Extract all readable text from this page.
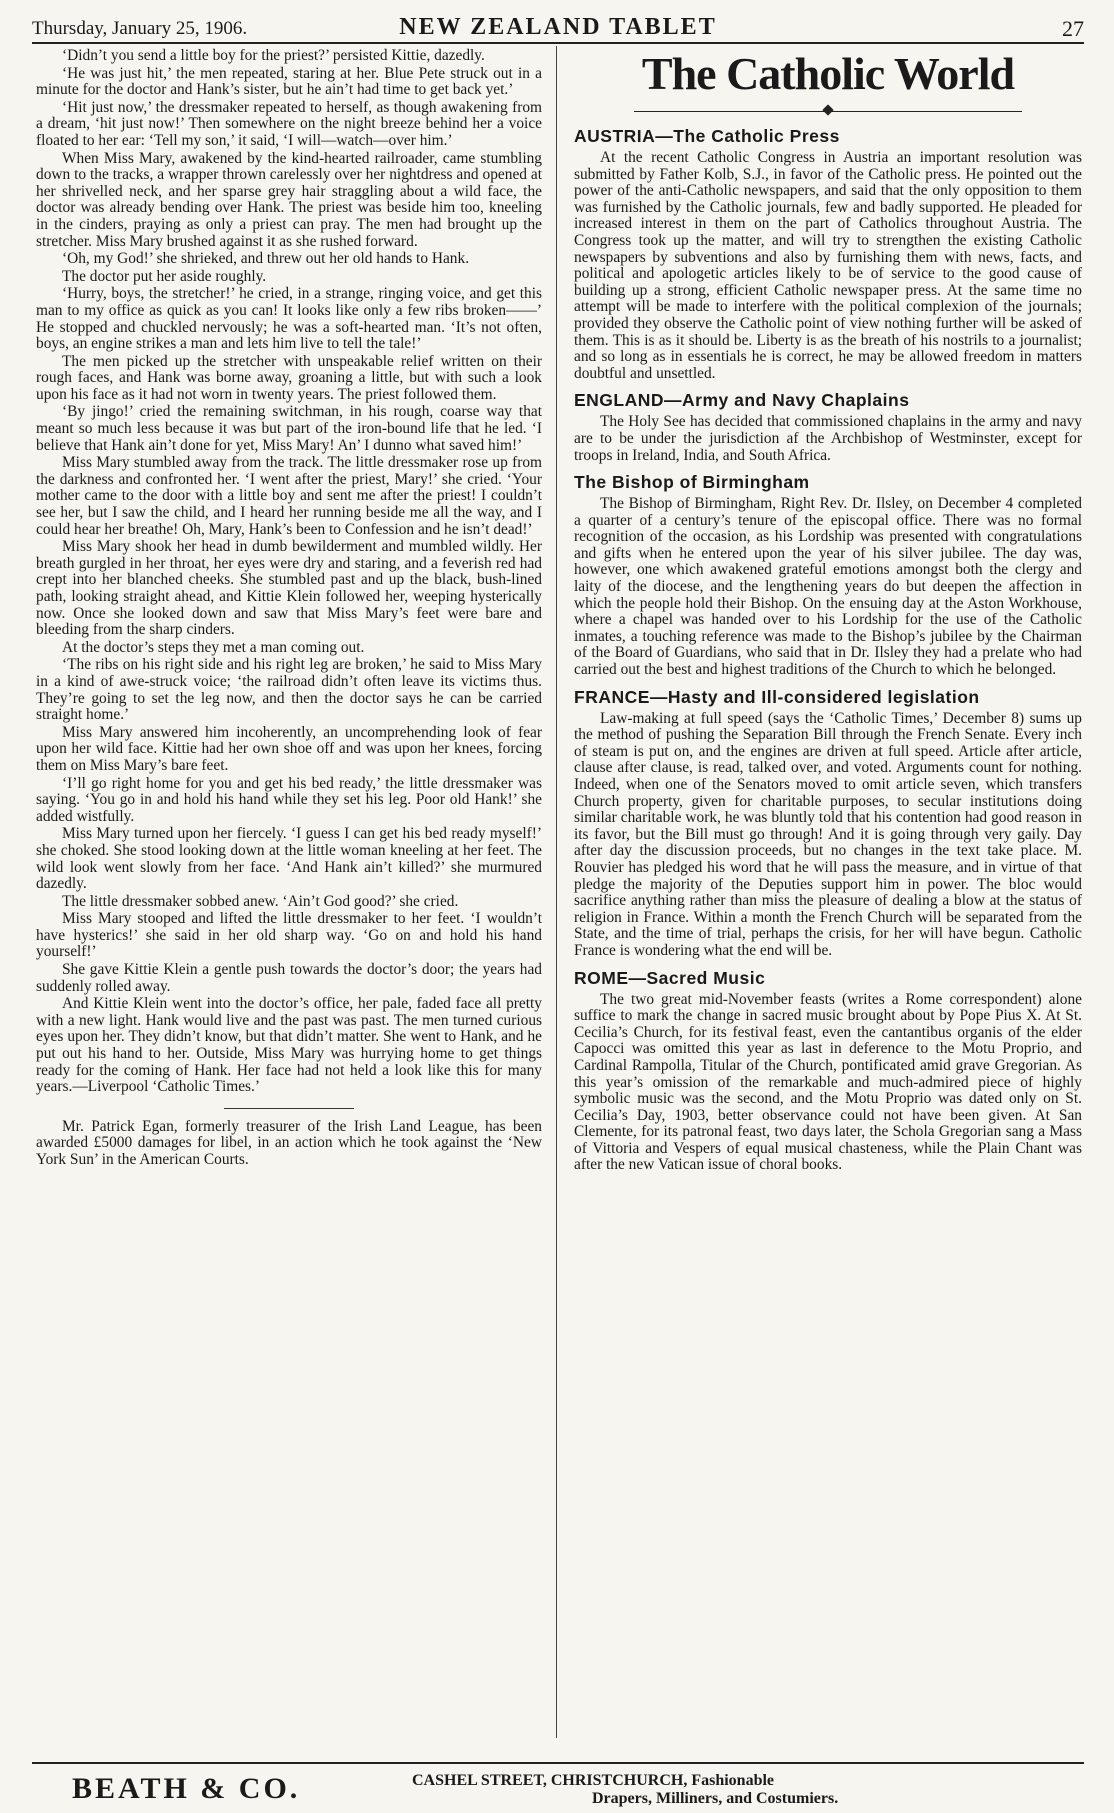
Thursday, January 25, 1906.	NEW ZEALAND TABLET	27

‘Didn’t you send a little boy for the priest?’ persisted Kittie, dazedly.

‘He was just hit,’ the men repeated, staring at her. Blue Pete struck out in a minute for the doctor and Hank’s sister, but he ain’t had time to get back yet.’

‘Hit just now,’ the dressmaker repeated to herself, as though awakening from a dream, ‘hit just now!’ Then somewhere on the night breeze behind her a voice floated to her ear: ‘Tell my son,’ it said, ‘I will—watch—over him.’

When Miss Mary, awakened by the kind-hearted railroader, came stumbling down to the tracks, a wrapper thrown carelessly over her nightdress and opened at her shrivelled neck, and her sparse grey hair straggling about a wild face, the doctor was already bending over Hank. The priest was beside him too, kneeling in the cinders, praying as only a priest can pray. The men had brought up the stretcher. Miss Mary brushed against it as she rushed forward.

‘Oh, my God!’ she shrieked, and threw out her old hands to Hank.

The doctor put her aside roughly.

‘Hurry, boys, the stretcher!’ he cried, in a strange, ringing voice, and get this man to my office as quick as you can! It looks like only a few ribs broken——’ He stopped and chuckled nervously; he was a soft-hearted man. ‘It’s not often, boys, an engine strikes a man and lets him live to tell the tale!’

The men picked up the stretcher with unspeakable relief written on their rough faces, and Hank was borne away, groaning a little, but with such a look upon his face as it had not worn in twenty years. The priest followed them.

‘By jingo!’ cried the remaining switchman, in his rough, coarse way that meant so much less because it was but part of the iron-bound life that he led. ‘I believe that Hank ain’t done for yet, Miss Mary! An’ I dunno what saved him!’

Miss Mary stumbled away from the track. The little dressmaker rose up from the darkness and confronted her. ‘I went after the priest, Mary!’ she cried. ‘Your mother came to the door with a little boy and sent me after the priest! I couldn’t see her, but I saw the child, and I heard her running beside me all the way, and I could hear her breathe! Oh, Mary, Hank’s been to Confession and he isn’t dead!’

Miss Mary shook her head in dumb bewilderment and mumbled wildly. Her breath gurgled in her throat, her eyes were dry and staring, and a feverish red had crept into her blanched cheeks. She stumbled past and up the black, bush-lined path, looking straight ahead, and Kittie Klein followed her, weeping hysterically now. Once she looked down and saw that Miss Mary’s feet were bare and bleeding from the sharp cinders.

At the doctor’s steps they met a man coming out.

‘The ribs on his right side and his right leg are broken,’ he said to Miss Mary in a kind of awe-struck voice; ‘the railroad didn’t often leave its victims thus. They’re going to set the leg now, and then the doctor says he can be carried straight home.’

Miss Mary answered him incoherently, an uncomprehending look of fear upon her wild face. Kittie had her own shoe off and was upon her knees, forcing them on Miss Mary’s bare feet.

‘I’ll go right home for you and get his bed ready,’ the little dressmaker was saying. ‘You go in and hold his hand while they set his leg. Poor old Hank!’ she added wistfully.

Miss Mary turned upon her fiercely. ‘I guess I can get his bed ready myself!’ she choked. She stood looking down at the little woman kneeling at her feet. The wild look went slowly from her face. ‘And Hank ain’t killed?’ she murmured dazedly.

The little dressmaker sobbed anew. ‘Ain’t God good?’ she cried.

Miss Mary stooped and lifted the little dressmaker to her feet. ‘I wouldn’t have hysterics!’ she said in her old sharp way. ‘Go on and hold his hand yourself!’

She gave Kittie Klein a gentle push towards the doctor’s door; the years had suddenly rolled away.

And Kittie Klein went into the doctor’s office, her pale, faded face all pretty with a new light. Hank would live and the past was past. The men turned curious eyes upon her. They didn’t know, but that didn’t matter. She went to Hank, and he put out his hand to her. Outside, Miss Mary was hurrying home to get things ready for the coming of Hank. Her face had not held a look like this for many years.—Liverpool ‘Catholic Times.’

Mr. Patrick Egan, formerly treasurer of the Irish Land League, has been awarded £5000 damages for libel, in an action which he took against the ‘New York Sun’ in the American Courts.

The Catholic World
AUSTRIA—The Catholic Press

At the recent Catholic Congress in Austria an important resolution was submitted by Father Kolb, S.J., in favor of the Catholic press. He pointed out the power of the anti-Catholic newspapers, and said that the only opposition to them was furnished by the Catholic journals, few and badly supported. He pleaded for increased interest in them on the part of Catholics throughout Austria. The Congress took up the matter, and will try to strengthen the existing Catholic newspapers by subventions and also by furnishing them with news, facts, and political and apologetic articles likely to be of service to the good cause of building up a strong, efficient Catholic newspaper press. At the same time no attempt will be made to interfere with the political complexion of the journals; provided they observe the Catholic point of view nothing further will be asked of them. This is as it should be. Liberty is as the breath of his nostrils to a journalist; and so long as in essentials he is correct, he may be allowed freedom in matters doubtful and unsettled.

ENGLAND—Army and Navy Chaplains

The Holy See has decided that commissioned chaplains in the army and navy are to be under the jurisdiction af the Archbishop of Westminster, except for troops in Ireland, India, and South Africa.

The Bishop of Birmingham

The Bishop of Birmingham, Right Rev. Dr. Ilsley, on December 4 completed a quarter of a century’s tenure of the episcopal office. There was no formal recognition of the occasion, as his Lordship was presented with congratulations and gifts when he entered upon the year of his silver jubilee. The day was, however, one which awakened grateful emotions amongst both the clergy and laity of the diocese, and the lengthening years do but deepen the affection in which the people hold their Bishop. On the ensuing day at the Aston Workhouse, where a chapel was handed over to his Lordship for the use of the Catholic inmates, a touching reference was made to the Bishop’s jubilee by the Chairman of the Board of Guardians, who said that in Dr. Ilsley they had a prelate who had carried out the best and highest traditions of the Church to which he belonged.

FRANCE—Hasty and Ill-considered legislation

Law-making at full speed (says the ‘Catholic Times,’ December 8) sums up the method of pushing the Separation Bill through the French Senate. Every inch of steam is put on, and the engines are driven at full speed. Article after article, clause after clause, is read, talked over, and voted. Arguments count for nothing. Indeed, when one of the Senators moved to omit article seven, which transfers Church property, given for charitable purposes, to secular institutions doing similar charitable work, he was bluntly told that his contention had good reason in its favor, but the Bill must go through! And it is going through very gaily. Day after day the discussion proceeds, but no changes in the text take place. M. Rouvier has pledged his word that he will pass the measure, and in virtue of that pledge the majority of the Deputies support him in power. The bloc would sacrifice anything rather than miss the pleasure of dealing a blow at the status of religion in France. Within a month the French Church will be separated from the State, and the time of trial, perhaps the crisis, for her will have begun. Catholic France is wondering what the end will be.

ROME—Sacred Music

The two great mid-November feasts (writes a Rome correspondent) alone suffice to mark the change in sacred music brought about by Pope Pius X. At St. Cecilia’s Church, for its festival feast, even the cantantibus organis of the elder Capocci was omitted this year as last in deference to the Motu Proprio, and Cardinal Rampolla, Titular of the Church, pontificated amid grave Gregorian. As this year’s omission of the remarkable and much-admired piece of highly symbolic music was the second, and the Motu Proprio was dated only on St. Cecilia’s Day, 1903, better observance could not have been given. At San Clemente, for its patronal feast, two days later, the Schola Gregorian sang a Mass of Vittoria and Vespers of equal musical chasteness, while the Plain Chant was after the new Vatican issue of choral books.

BEATH & CO.	CASHEL STREET, CHRISTCHURCH, Fashionable
Drapers, Milliners, and Costumiers.
